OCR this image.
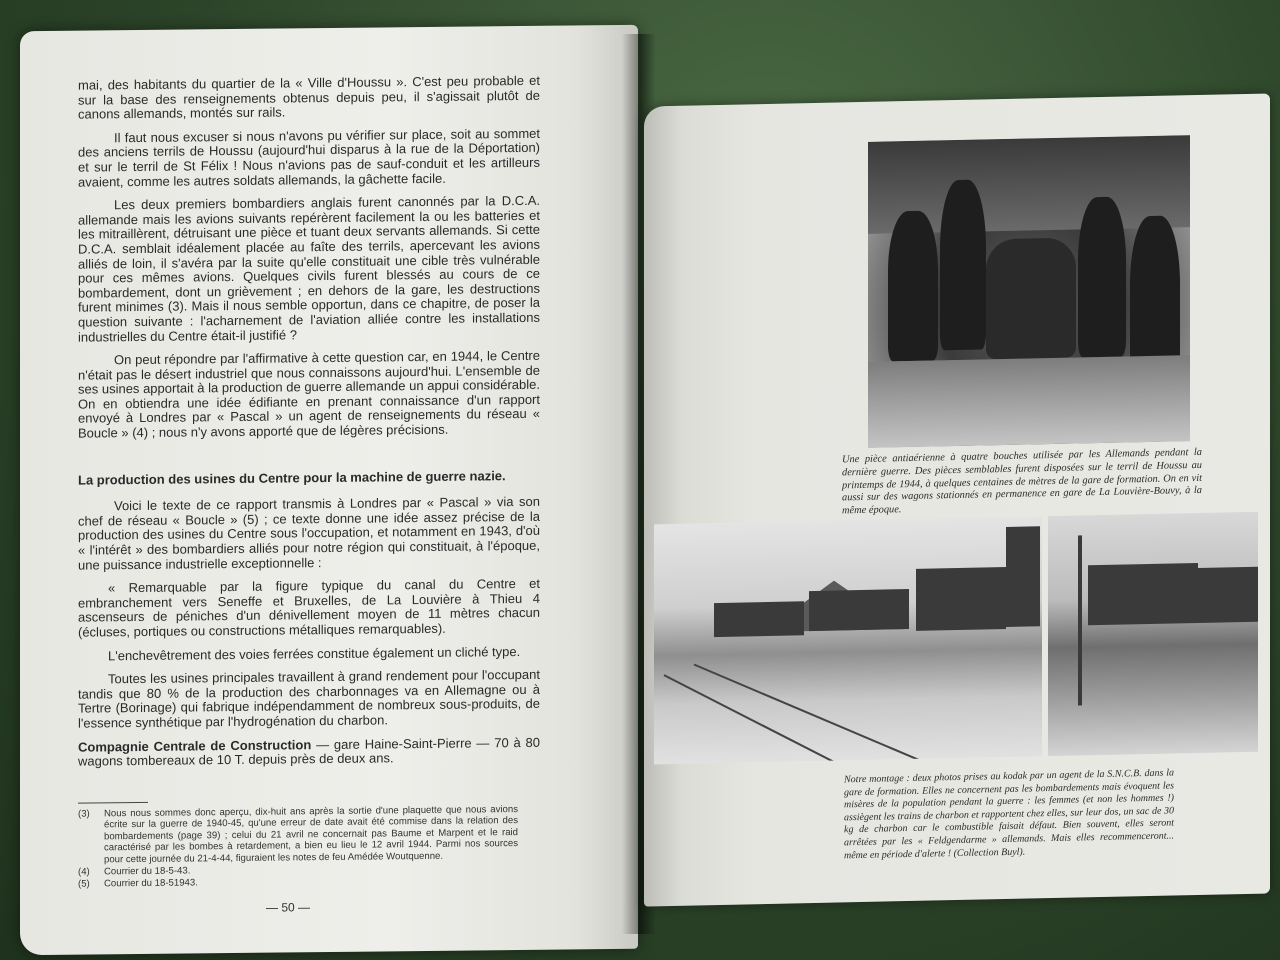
mai, des habitants du quartier de la « Ville d'Houssu ». C'est peu probable et sur la base des renseignements obtenus depuis peu, il s'agissait plutôt de canons allemands, montés sur rails.

Il faut nous excuser si nous n'avons pu vérifier sur place, soit au sommet des anciens terrils de Houssu (aujourd'hui disparus à la rue de la Déportation) et sur le terril de St Félix ! Nous n'avions pas de sauf-conduit et les artilleurs avaient, comme les autres soldats allemands, la gâchette facile.

Les deux premiers bombardiers anglais furent canonnés par la D.C.A. allemande mais les avions suivants repérèrent facilement la ou les batteries et les mitraillèrent, détruisant une pièce et tuant deux servants allemands. Si cette D.C.A. semblait idéalement placée au faîte des terrils, apercevant les avions alliés de loin, il s'avéra par la suite qu'elle constituait une cible très vulnérable pour ces mêmes avions. Quelques civils furent blessés au cours de ce bombardement, dont un grièvement ; en dehors de la gare, les destructions furent minimes (3). Mais il nous semble opportun, dans ce chapitre, de poser la question suivante : l'acharnement de l'aviation alliée contre les installations industrielles du Centre était-il justifié ?

On peut répondre par l'affirmative à cette question car, en 1944, le Centre n'était pas le désert industriel que nous connaissons aujourd'hui. L'ensemble de ses usines apportait à la production de guerre allemande un appui considérable. On en obtiendra une idée édifiante en prenant connaissance d'un rapport envoyé à Londres par « Pascal » un agent de renseignements du réseau « Boucle » (4) ; nous n'y avons apporté que de légères précisions.

La production des usines du Centre pour la machine de guerre nazie.

Voici le texte de ce rapport transmis à Londres par « Pascal » via son chef de réseau « Boucle » (5) ; ce texte donne une idée assez précise de la production des usines du Centre sous l'occupation, et notamment en 1943, d'où « l'intérêt » des bombardiers alliés pour notre région qui constituait, à l'époque, une puissance industrielle exceptionnelle :

« Remarquable par la figure typique du canal du Centre et embranchement vers Seneffe et Bruxelles, de La Louvière à Thieu 4 ascenseurs de péniches d'un dénivellement moyen de 11 mètres chacun (écluses, portiques ou constructions métalliques remarquables).

L'enchevêtrement des voies ferrées constitue également un cliché type.

Toutes les usines principales travaillent à grand rendement pour l'occupant tandis que 80 % de la production des charbonnages va en Allemagne ou à Tertre (Borinage) qui fabrique indépendamment de nombreux sous-produits, de l'essence synthétique par l'hydrogénation du charbon.

Compagnie Centrale de Construction — gare Haine-Saint-Pierre — 70 à 80 wagons tombereaux de 10 T. depuis près de deux ans.

(3)	Nous nous sommes donc aperçu, dix-huit ans après la sortie d'une plaquette que nous avions écrite sur la guerre de 1940-45, qu'une erreur de date avait été commise dans la relation des bombardements (page 39) ; celui du 21 avril ne concernait pas Baume et Marpent et le raid caractérisé par les bombes à retardement, a bien eu lieu le 12 avril 1944. Parmi nos sources pour cette journée du 21-4-44, figuraient les notes de feu Amédée Woutquenne.
(4)	Courrier du 18-5-43.
(5)	Courrier du 18-51943.
— 50 —
Une pièce antiaérienne à quatre bouches utilisée par les Allemands pendant la dernière guerre. Des pièces semblables furent disposées sur le terril de Houssu au printemps de 1944, à quelques centaines de mètres de la gare de formation. On en vit aussi sur des wagons stationnés en permanence en gare de La Louvière-Bouvy, à la même époque.
Notre montage : deux photos prises au kodak par un agent de la S.N.C.B. dans la gare de formation. Elles ne concernent pas les bombardements mais évoquent les misères de la population pendant la guerre : les femmes (et non les hommes !) assiègent les trains de charbon et rapportent chez elles, sur leur dos, un sac de 30 kg de charbon car le combustible faisait défaut. Bien souvent, elles seront arrêtées par les « Feldgendarme » allemands. Mais elles recommenceront... même en période d'alerte ! (Collection Buyl).
